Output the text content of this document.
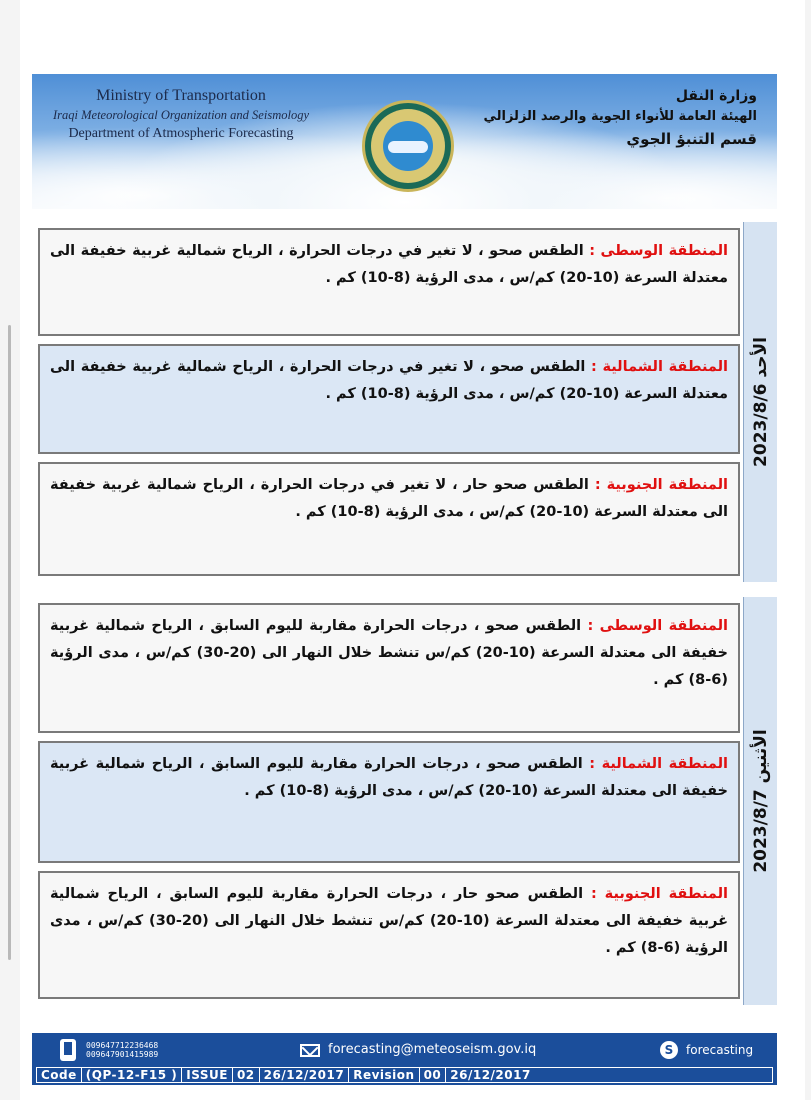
Ministry of Transportation
Iraqi Meteorological Organization and Seismology
Department of Atmospheric Forecasting
وزارة النقل
الهيئة العامة للأنواء الجوية والرصد الزلزالي
قسم التنبؤ الجوي

المنطقة الوسطى : الطقس صحو ، لا تغير في درجات الحرارة ، الرياح شمالية غربية خفيفة الى معتدلة السرعة (10-20) كم/س ، مدى الرؤية (8-10) كم .

المنطقة الشمالية : الطقس صحو ، لا تغير في درجات الحرارة ، الرياح شمالية غربية خفيفة الى معتدلة السرعة (10-20) كم/س ، مدى الرؤية (8-10) كم .

المنطقة الجنوبية : الطقس صحو حار ، لا تغير في درجات الحرارة ، الرياح شمالية غربية خفيفة الى معتدلة السرعة (10-20) كم/س ، مدى الرؤية (8-10) كم .

الأحد 2023/8/6

المنطقة الوسطى : الطقس صحو ، درجات الحرارة مقاربة لليوم السابق ، الرياح شمالية غربية خفيفة الى معتدلة السرعة (10-20) كم/س تنشط خلال النهار الى (20-30) كم/س ، مدى الرؤية (6-8) كم .

المنطقة الشمالية : الطقس صحو ، درجات الحرارة مقاربة لليوم السابق ، الرياح شمالية غربية خفيفة الى معتدلة السرعة (10-20) كم/س ، مدى الرؤية (8-10) كم .

المنطقة الجنوبية : الطقس صحو حار ، درجات الحرارة مقاربة لليوم السابق ، الرياح شمالية غربية خفيفة الى معتدلة السرعة (10-20) كم/س تنشط خلال النهار الى (20-30) كم/س ، مدى الرؤية (6-8) كم .

الأثنين 2023/8/7
009647712236468
009647901415989	forecasting@meteoseism.gov.iq	S	forecasting
Code (QP-12-F15 ) ISSUE 02 26/12/2017 Revision 00 26/12/2017
